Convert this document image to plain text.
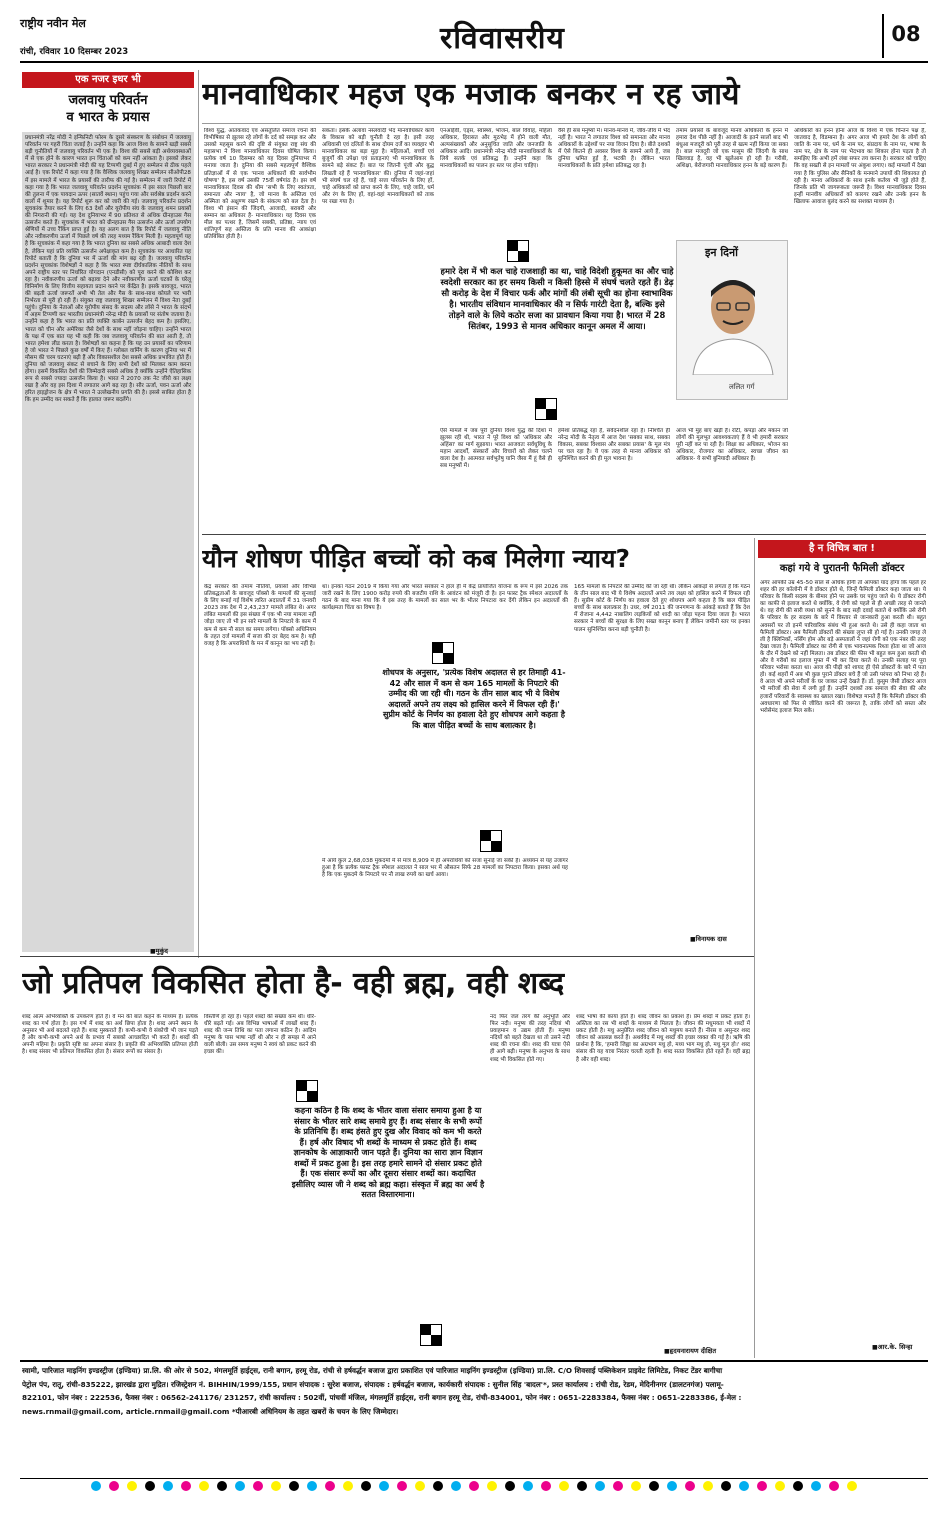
राष्ट्रीय नवीन मेल
रांची, रविवार 10 दिसम्बर 2023	रविवासरीय	08
एक नजर इधर भी
जलवायु परिवर्तन
व भारत के प्रयास
प्रधानमंत्री नरेंद्र मोदी ने इन्फिनिटी फोरम के दूसरे संस्करण के संबोधन में जलवायु परिवर्तन पर गहरी चिंता जताई है। उन्होंने कहा कि आज विश्व के सामने खड़ी सबसे बड़ी चुनौतियों में जलवायु परिवर्तन भी एक है। विश्व की सबसे बड़ी अर्थव्यवस्थाओं में से एक होने के कारण भारत इन चिंताओं को कम नहीं आंकता है। इसको लेकर भारत सरकार ने प्रधानमंत्री मोदी की यह टिप्पणी दुबई में हुए सम्मेलन से ठीक पहले आई है। एक रिपोर्ट में कहा गया है कि वैश्विक जलवायु शिखर सम्मेलन सीओपी28 में इस मामले में भारत के प्रयासों की तारीफ की गई है। सम्मेलन में जारी रिपोर्ट में कहा गया है कि भारत जलवायु परिवर्तन प्रदर्शन सूचकांक में इस साल पिछली बार की तुलना में एक पायदान ऊपर (सातवें स्थान) पहुंच गया और सर्वश्रेष्ठ प्रदर्शन करने वालों में शुमार है। यह रिपोर्ट शुरू कर को जारी की गई। जलवायु परिवर्तन प्रदर्शन सूचकांक तैयार करने के लिए 63 देशों और यूरोपीय संघ के जलवायु शमन प्रयासों की निगरानी की गई। यह देश दुनियाभर में 90 प्रतिशत से अधिक ग्रीनहाउस गैस उत्सर्जन करते हैं। सूचकांक में भारत को ग्रीनहाउस गैस उत्सर्जन और ऊर्जा उपयोग श्रेणियों में उच्च रैंकिंग प्राप्त हुई है। यह अलग बात है कि रिपोर्ट में जलवायु नीति और नवीकरणीय ऊर्जा में पिछले वर्ष की तरह मध्यम रैंकिंग मिली है। महत्वपूर्ण यह है कि सूचकांक में कहा गया है कि भारत दुनिया का सबसे अधिक आबादी वाला देश है, लेकिन यहां प्रति व्यक्ति उत्सर्जन अपेक्षाकृत कम है। सूचकांक पर आधारित यह रिपोर्ट बताती है कि दुनिया भर में ऊर्जा की मांग बढ़ रही है। जलवायु परिवर्तन प्रदर्शन सूचकांक विशेषज्ञों ने कहा है कि भारत स्पष्ट दीर्घकालिक नीतियों के साथ अपने राष्ट्रीय स्तर पर निर्धारित योगदान (एनडीसी) को पूरा करने की कोशिश कर रहा है। नवीकरणीय ऊर्जा को बढ़ावा देने और नवीकरणीय ऊर्जा घटकों के घरेलू विनिर्माण के लिए वित्तीय सहायता प्रदान करने पर केंद्रित है। इसके बावजूद, भारत की बढ़ती ऊर्जा जरूरतें अभी भी तेल और गैस के साथ-साथ कोयले पर भारी निर्भरता से पूरी हो रही हैं। संयुक्त राष्ट्र जलवायु शिखर सम्मेलन में विश्व नेता दुबई पहुंचे। दुनिया के नेताओं और यूरोपीय संसद के सदस्य और लॉसे ने भारत के संदर्भ में अहम टिप्पणी कर भारतीय प्रधानमंत्री नरेन्द्र मोदी के प्रयासों पर संतोष जताया है। उन्होंने कहा है कि भारत का प्रति व्यक्ति कार्बन उत्सर्जन बेहद कम है। इसलिए, भारत को चीन और अमेरिका जैसे देशों के साथ नहीं जोड़ना चाहिए। उन्होंने भारत के पक्ष में एक बात यह भी कही कि जब जलवायु परिवर्तन की बात आती है, तो भारत हमेशा लीड करता है। विशेषज्ञों का कहना है कि यह उन प्रयासों का परिणाम है जो भारत ने पिछले कुछ वर्षों में किए हैं। ग्लोबल वार्मिंग के कारण दुनिया भर में मौसम की चरम घटनाएं बढ़ी हैं और विकासशील देश सबसे अधिक प्रभावित होते हैं। दुनिया को जलवायु संकट से बचाने के लिए सभी देशों को मिलकर काम करना होगा। इसमें विकसित देशों की जिम्मेदारी सबसे अधिक है क्योंकि उन्होंने ऐतिहासिक रूप से सबसे ज्यादा उत्सर्जन किया है। भारत ने 2070 तक नेट जीरो का लक्ष्य रखा है और वह इस दिशा में लगातार आगे बढ़ रहा है। सौर ऊर्जा, पवन ऊर्जा और हरित हाइड्रोजन के क्षेत्र में भारत ने उल्लेखनीय प्रगति की है। इससे साबित होता है कि हम उम्मीद कर सकते हैं कि हालात जरूर बदलेंगे।
■ मुकुंद
मानवाधिकार महज एक मजाक बनकर न रह जाये
विश्व युद्ध, आतंकवाद एवं असंतुलित समाज रचना की विभीषिका से झुलस रहे लोगों के दर्द को समझ कर और उसको महसूस करने की दृष्टि से संयुक्त राष्ट्र संघ की महासभा ने विश्व मानवाधिकार दिवस घोषित किया। प्रत्येक वर्ष 10 दिसम्बर को यह दिवस दुनियाभर में मनाया जाता है। दुनिया की सबसे महत्वपूर्ण वैश्विक प्रतिज्ञाओं में से एक 'मानव अधिकारों की सार्वभौम घोषणा' है, इस वर्ष उसकी 75वीं वर्षगांठ है। इस वर्ष मानवाधिकार दिवस की थीम 'सभी के लिए स्वतंत्रता, समानता और न्याय' है, जो मानव के अस्तित्व एवं अस्मिता को अक्षुण्ण रखने के संकल्प को बल देता है। विश्व भी इंसान की जिंदगी, आजादी, बराबरी और सम्मान का अधिकार है- मानवाधिकार। यह दिवस एक मील का पत्थर है, जिसमें सबकी, प्रतिष्ठा, न्याय एवं शांतिपूर्ण सह अस्तित्व के प्रति मानव की आकांक्षा प्रतिबिंबित होती है।
सकता। इसके अलावा नस्लवादी भेद मानवाधिकार कार्य के विकास को बड़ी चुनौती दे रहा है। इसी तरह अधिवासी एवं दलितों के साथ दोयम दर्जे का व्यवहार भी मानवाधिकार का बड़ा मुद्दा है। महिलाओं, बच्चों एवं बुजुर्गों की उपेक्षा एवं प्रताड़नाएं भी मानवाधिकार के सामने बड़े संकट हैं। बात पर जितनी पूंजी और बुद्ध लिखती रहे हैं 'मानवाधिकार' की। दुनिया में जहां-जहां भी संघर्ष चल रहे हैं, चाहे सत्ता परिवर्तन के लिए हों, चाहे अधिकारों को प्राप्त करने के लिए, चाहे जाति, धर्म और रंग के लिए हों, वहां-वहां मानवाधिकारों को ताक पर रखा गया है।
एनआईवी, एड्स, स्वास्थ्य, भोजन, बाल विवाह, महिला अधिकार, हिरासत और मुठभेड़ में होने वाली मौत, अल्पसंख्यकों और अनुसूचित जाति और जनजाति के अधिकार आदि। प्रधानमंत्री नरेन्द्र मोदी मानवाधिकारों के लिये सतर्क एवं प्रतिबद्ध हैं। उन्होंने कहा कि मानवाधिकारों का पालन हर स्तर पर होना चाहिए।
हमारे देश में भी कल चाहे राजशाही का था, चाहे विदेशी हुकूमत का और चाहे स्वदेशी सरकार का हर समय किसी न किसी हिस्से में संघर्ष चलते रहते हैं। डेढ़ सौ करोड़ के देश में विचार फर्क और मांगों की लंबी सूची का होना स्वाभाविक है। भारतीय संविधान मानवाधिकार की न सिर्फ गारंटी देता है, बल्कि इसे तोड़ने वाले के लिये कठोर सजा का प्रावधान किया गया है। भारत में 28 सितंबर, 1993 से मानव अधिकार कानून अमल में आया।
वैसे ही सब मनुष्यों में। मानव-मानव में, जीव-जीव में भेद नहीं है। भारत ने लगातार विश्व को समानता और मानव अधिकारों के उद्देश्यों पर नया विजन दिया है। बीते दशकों में ऐसे कितने ही अवसर विश्व के सामने आये हैं, जब दुनिया भ्रमित हुई है, भटकी है। लेकिन भारत मानवाधिकारों के प्रति हमेशा प्रतिबद्ध रहा है।
तमाम प्रयासों के बावजूद मानव अधिकारों के हनन में हमारा देश पीछे नहीं है। आजादी के इतने सालों बाद भी बंधुआ मजदूरी को पूरी तरह से खत्म नहीं किया जा सका है। बाल मजदूरी जो एक मासूम की जिंदगी के साथ खिलवाड़ है, वह भी खुलेआम हो रही है। गरीबी, अशिक्षा, बेरोजगारी मानवाधिकार हनन के बड़े कारण हैं।
इन दिनों
ललित गर्ग
अधिकारों का हनन होना आज के विश्व में एक चिन्तन पक्ष है, जातवाद है, विडम्बना है। अगर आज भी हमारे देश के लोगों को जाति के नाम पर, धर्म के नाम पर, संप्रदाय के नाम पर, भाषा के नाम पर, क्षेत्र के नाम पर भेदभाव का शिकार होना पड़ता है तो समझिए कि अभी हमें लंबा सफर तय करना है। सरकार को चाहिए कि वह सख्ती से इन मामलों पर अंकुश लगाए। कई मामलों में देखा गया है कि पुलिस और सैनिकों के मनमाने उपायों की शिकायत हो रही है। मानव अधिकारों के साथ इनके कर्तव्य भी जुड़े होते हैं, जिनके प्रति भी जागरूकता जरूरी है। विश्व मानवाधिकार दिवस इन्हीं मानवीय अधिकारों को कारगर रखने और उनके हनन के खिलाफ आवाज बुलंद करने का सशक्त माध्यम है।
ऐसे मामले में जब पूरी दुनिया विश्व युद्ध की दिशा में झुलस रही थी, भारत ने पूरे विश्व को 'अधिकार और अहिंसा' का मार्ग सुझाया। भारत आजवतः सर्वधुविधु के महान आदर्शों, संस्कारों और विचारों को लेकर चलने वाला देश है। आत्मवत सर्वभूतेषु यानि जैसा मैं हूं वैसे ही सब मनुष्यों में।
हमेशा प्रतिबद्ध रहा है, संवेदनशील रहा है। निश्चित ही नरेन्द्र मोदी के नेतृत्व में आज देश 'सबका साथ, सबका विकास, सबका विश्वास और सबका प्रयास' के मूल मंत्र पर चल रहा है। ये एक तरह से मानव अधिकार को सुनिश्चित करने की ही मूल भावना है।
आज भी मुंह बाए खड़ी हैं। रोटी, कपड़ा और मकान जो लोगों की मूलभूत आवश्यकताएं हैं वे भी हमारी सरकार पूरी नहीं कर पा रही है। शिक्षा का अधिकार, भोजन का अधिकार, रोजगार का अधिकार, स्वच्छ जीवन का अधिकार- ये सभी बुनियादी अधिकार हैं।
यौन शोषण पीड़ित बच्चों को कब मिलेगा न्याय?
केंद्र सरकार की तमाम नीतियों, प्रयासों और विभिन्न प्रतिबद्धताओं के बावजूद पॉक्सो के मामलों की सुनवाई के लिए बनाई गई विशेष त्वरित अदालतों में 31 जनवरी 2023 तक देश में 2,43,237 मामले लंबित थे। अगर लंबित मामलों की इस संख्या में एक भी नया मामला नहीं जोड़ा जाए तो भी इन सारे मामलों के निपटारे के काम में कम से कम नौ साल का समय लगेगा। पॉक्सो अधिनियम के तहत दर्ज मामलों में सजा की दर बेहद कम है। यही वजह है कि अपराधियों के मन में कानून का भय नहीं है।
था। इनका गठन 2019 में किया गया और भारत सरकार ने हाल ही में केंद्र प्रायोजित योजना के रूप में इसे 2026 तक जारी रखने के लिए 1900 करोड़ रुपये की बजटीय राशि के आवंटन को मंजूरी दी है। इन फास्ट ट्रैक स्पेशल अदालतों के गठन के बाद माना गया कि ये इस तरह के मामलों का साल भर के भीतर निपटारा कर देंगी लेकिन इन अदालतों की कार्यक्षमता चिंता का विषय है।
शोधपत्र के अनुसार, 'प्रत्येक विशेष अदालत से हर तिमाही 41-42 और साल में कम से कम 165 मामलों के निपटारे की उम्मीद की जा रही थी। गठन के तीन साल बाद भी ये विशेष अदालतें अपने तय लक्ष्य को हासिल करने में विफल रही हैं।' सुप्रीम कोर्ट के निर्णय का हवाला देते हुए शोधपत्र आगे कहता है कि बाल पीड़ित बच्चों के साथ बलात्कार है।
में आये कुल 2,68,038 मुकदमों में से मात्र 8,909 में ही अपराधियों को सजा सुनाई जा सकी है। अध्ययन से यह उजागर हुआ है कि प्रत्येक फास्ट ट्रैक स्पेशल अदालत ने साल भर में औसतन सिर्फ 28 मामलों का निपटारा किया। इसका अर्थ यह है कि एक मुकदमे के निपटारे पर नौ लाख रुपये का खर्च आया।
165 मामलों के निपटारे की उम्मीद की जा रही थी। लेकिन आंकड़ों से लगता है कि गठन के तीन साल बाद भी ये विशेष अदालतें अपने तय लक्ष्य को हासिल करने में विफल रही हैं। सुप्रीम कोर्ट के निर्णय का हवाला देते हुए शोधपत्र आगे कहता है कि बाल पीड़ित बच्चों के साथ बलात्कार है। उधर, वर्ष 2011 की जनगणना के आंकड़े बताते हैं कि देश में रोजाना 4,442 नाबालिग लड़कियों को शादी का जोड़ा पहना दिया जाता है। भारत सरकार ने बच्चों की सुरक्षा के लिए सख्त कानून बनाए हैं लेकिन जमीनी स्तर पर इनका पालन सुनिश्चित करना बड़ी चुनौती है।
■ विनायक दास
है न विचित्र बात !
कहां गये वे पुरातनी फैमिली डॉक्टर
अगर आपकी उम्र 45-50 साल से अधिक होगी तो आपको याद होगा कि पहले हर शहर की हर कॉलोनी में वे डॉक्टर होते थे, जिन्हें फैमिली डॉक्टर कहा जाता था। ये परिवार के किसी सदस्य के बीमार होने पर उसके घर पहुंच जाते थे। ये डॉक्टर रोगी का काफी से इलाज करते थे क्योंकि, वे रोगी को पहले से ही अच्छी तरह से जानते थे। वह रोगी की सारी व्यथा को सुनने के बाद सही दवाई बताते थे क्योंकि उसे रोगी के परिवार के हर सदस्य के बारे में विस्तार से जानकारी हुआ करती थी। बहुत अवसरों पर तो इनमें पारिवारिक संबंध भी हुआ करते थे। उसे ही कहा जाता था फैमिली डॉक्टर। अब फैमिली डॉक्टरों की संख्या लुप्त सी हो गई है। उनकी जगह ले ली है क्लिनिकों, नर्सिंग होम और बड़े अस्पतालों ने जहां रोगी को एक नंबर की तरह देखा जाता है। फैमिली डॉक्टर का रोगी से एक भावनात्मक रिश्ता होता था जो आज के दौर में देखने को नहीं मिलता। तब डॉक्टर की फीस भी बहुत कम हुआ करती थी और वे गरीबों का इलाज मुफ्त में भी कर दिया करते थे। उनकी सलाह पर पूरा परिवार भरोसा करता था। आज की पीढ़ी को शायद ही ऐसे डॉक्टरों के बारे में पता हो। कई शहरों में अब भी कुछ पुराने डॉक्टर बचे हैं जो उसी परंपरा को निभा रहे हैं। वे आज भी अपने मरीजों के घर जाकर उन्हें देखते हैं। डॉ. कुसुम जैसी डॉक्टर आज भी मरीजों की सेवा में लगी हुई हैं। उन्होंने दशकों तक समाज की सेवा की और हजारों परिवारों के स्वास्थ्य का ख्याल रखा। विशेषज्ञ मानते हैं कि फैमिली डॉक्टर की अवधारणा को फिर से जीवित करने की जरूरत है, ताकि लोगों को सस्ता और भरोसेमंद इलाज मिल सके।
■ आर.के. सिन्हा
जो प्रतिपल विकसित होता है- वही ब्रह्म, वही शब्द
शब्द आत्म अभिव्यक्ति के उपकरण होते हैं। वे मन की बात कहने के माध्यम हैं। प्रत्येक शब्द का गर्भ होता है। इस गर्भ में शब्द का अर्थ छिपा होता है। शब्द अपने स्थान के अनुसार भी अर्थ बदलते रहते हैं। शब्द मुस्कराते हैं। कभी-कभी वे संकोची भी जान पड़ते हैं और कभी-कभी अपने अर्थ के प्रभाव में सबको आच्छादित भी करते हैं। शब्दों की अपनी महिमा है। प्रकृति सृष्टि का अपना संसार है। प्रकृति की अभिव्यक्ति प्रतिपल होती है। शब्द संसार भी प्रतिपल विकसित होता है। संसार रूपों का संसार है।
विस्तीर्ण हो रहा है। पहले शब्दों की संख्या कम थी। धीरे-धीरे बढ़ते गई। अब विभिन्न भाषाओं में लाखों शब्द हैं। शब्द की जन्म तिथि का पता लगाना कठिन है। आदिम मनुष्य के पास भाषा नहीं थी और न ही समझ में आने वाली बोली। उस समय मनुष्य ने स्वयं को प्रकट करने की इच्छा की।
कहना कठिन है कि शब्द के भीतर वाला संसार समाया हुआ है या संसार के भीतर सारे शब्द समाये हुए हैं। शब्द संसार के सभी रूपों के प्रतिनिधि हैं। शब्द हंसते हुए दुख और विवाद को कम भी करते हैं। हर्ष और विषाद भी शब्दों के माध्यम से प्रकट होते हैं। शब्द ज्ञानकोष के आज्ञाकारी जान पड़ते हैं। दुनिया का सारा ज्ञान विज्ञान शब्दों में प्रकट हुआ है। इस तरह हमारे सामने दो संसार प्रकट होते हैं। एक संसार रूपों का और दूसरा संसार शब्दों का। कदाचित इसीलिए व्यास जी ने शब्द को ब्रह्म कहा। संस्कृत में ब्रह्म का अर्थ है सतत विस्तारमाना।
नद फिर जल तरंग की अनुभूति और फिर नदी। मनुष्य की तरह नदियां भी प्रवाहमान व उद्यम होती हैं। मनुष्य नदियों को बहते देखता था तो उसने नदी शब्द की रचना की। शब्द की यात्रा ऐसे ही आगे बढ़ी। मनुष्य के अनुभव के साथ शब्द भी विकसित होते गए।
शब्द भाषा की काया होते हैं। शब्द जीवन का प्रकाश हैं। प्रेम शब्दों में प्रकट होता है। अस्तित्व का रस भी शब्दों के माध्यम से मिलता है। जीवन की मधुमयता भी शब्दों में प्रकट होती है। मधु अनुप्रेरित शब्द जीवन को मधुमय बनाते हैं। नीरस व असुन्दर शब्द जीवन को अप्रसन्न करते हैं। अथर्ववेद में मधु शब्दों की इच्छा व्यक्त की गई है। ऋषि की प्रार्थना है कि, 'हमारी जिह्वा का अग्रभाग मधु हो, मध्य भाग मधु हो, मधु मूल हो।' शब्द संसार की यह यात्रा निरंतर चलती रहती है। शब्द सतत विकसित होते रहते हैं। वही ब्रह्म है और वही शब्द।
■ हृदयनारायण दीक्षित
स्वामी, पारिजात माइनिंग इण्डस्ट्रीज (इण्डिया) प्रा.लि. की ओर से 502, मंगलमूर्ति हाईट्स, रानी बगान, हरमू रोड, रांची से हर्षवर्द्धन बजाज द्वारा प्रकाशित एवं पारिजात माइनिंग इण्डस्ट्रीज (इण्डिया) प्रा.लि. C/O शिवसाई पब्लिकेशन प्राइवेट लिमिटेड, निकट टेंडर बागीचा
पेट्रोल पंप, रातू, रांची-835222, झारखंड द्वारा मुद्रित। रजिस्ट्रेशन नं. BIHHIN/1999/155, प्रधान संपादक : सुरेश बजाज, संपादक : हर्षवर्द्धन बजाज, कार्यकारी संपादक : सुनील सिंह 'बादल'*, प्रस्त कार्यालय : रांची रोड, रेडम, मेदिनीनगर (डालटनगंज) पलामू-
822101, फोन नंबर : 222536, फैक्स नंबर : 06562-241176/ 231257, रांची कार्यालय : 502वीं, पांचवीं मंजिल, मंगलमूर्ति हाईट्स, रानी बगान हरमू रोड, रांची-834001, फोन नंबर : 0651-2283384, फैक्स नंबर : 0651-2283386, ई-मेल :
news.rnmail@gmail.com, article.rnmail@gmail.com *पीआरबी अधिनियम के तहत खबरों के चयन के लिए जिम्मेदार।
